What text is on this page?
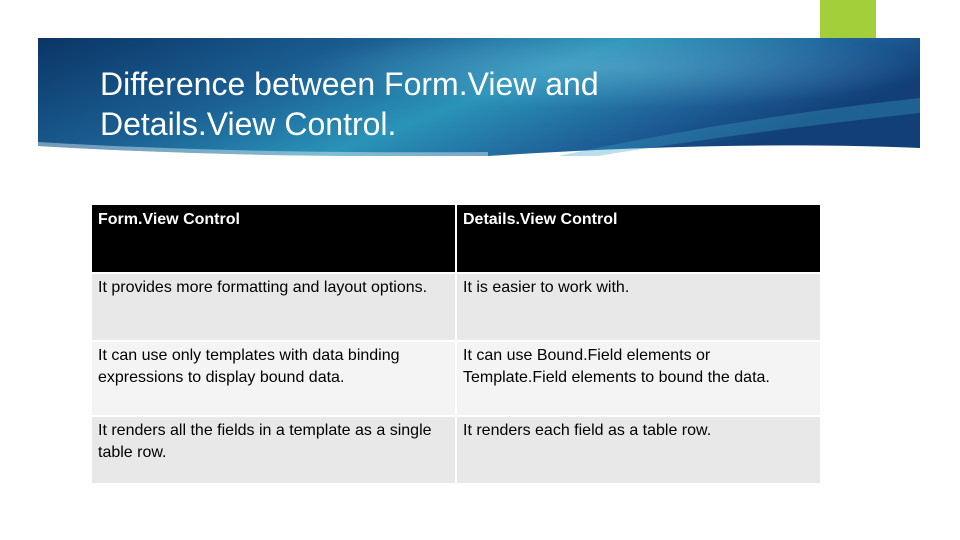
Difference between Form.View and
Details.View Control.
Form.View Control	Details.View Control
It provides more formatting and layout options.	It is easier to work with.
It can use only templates with data binding expressions to display bound data.	It can use Bound.Field elements or Template.Field elements to bound the data.
It renders all the fields in a template as a single table row.	It renders each field as a table row.
